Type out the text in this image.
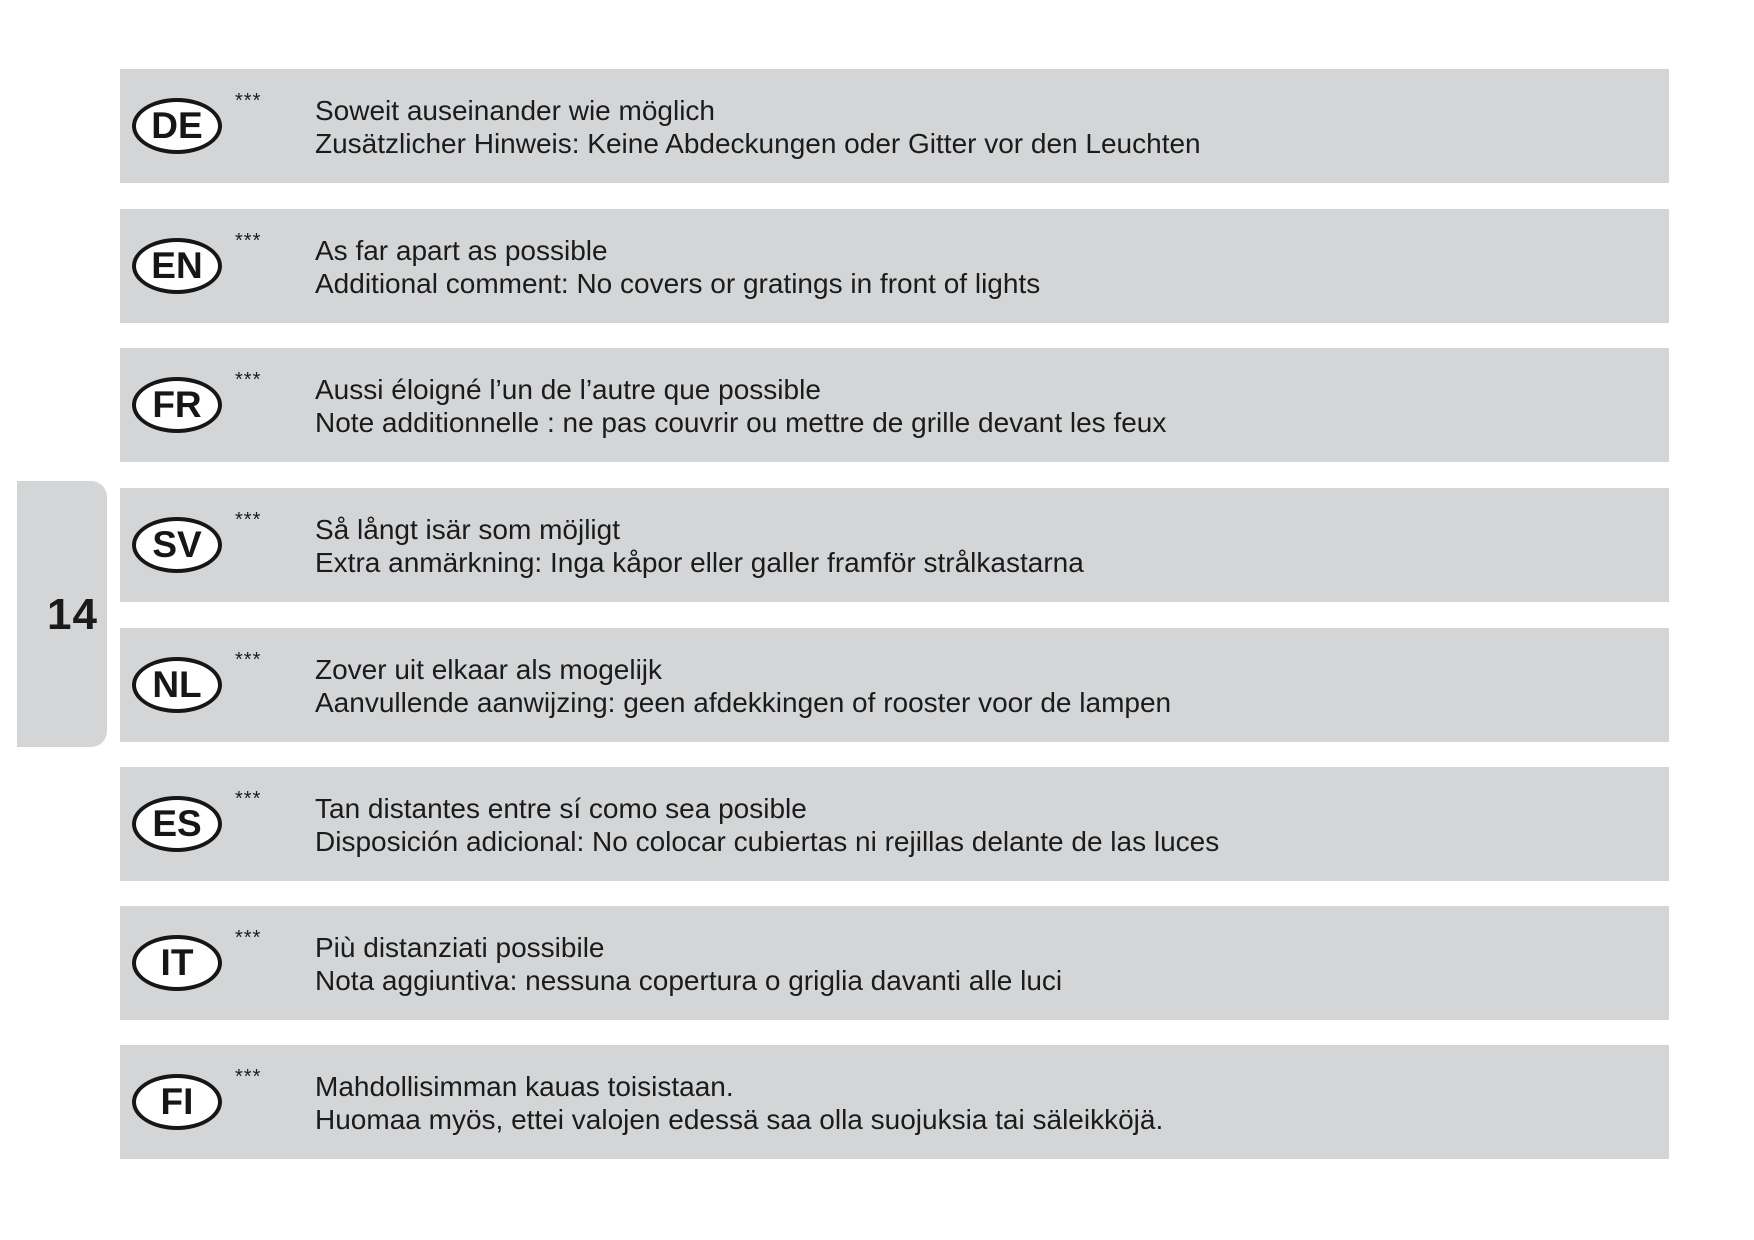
14
DE
*** Soweit auseinander wie möglich
Zusätzlicher Hinweis: Keine Abdeckungen oder Gitter vor den Leuchten
EN
*** As far apart as possible
Additional comment: No covers or gratings in front of lights
FR
*** Aussi éloigné l’un de l’autre que possible
Note additionnelle : ne pas couvrir ou mettre de grille devant les feux
SV
*** Så långt isär som möjligt
Extra anmärkning: Inga kåpor eller galler framför strålkastarna
NL
*** Zover uit elkaar als mogelijk
Aanvullende aanwijzing: geen afdekkingen of rooster voor de lampen
ES
*** Tan distantes entre sí como sea posible
Disposición adicional: No colocar cubiertas ni rejillas delante de las luces
IT
*** Più distanziati possibile
Nota aggiuntiva: nessuna copertura o griglia davanti alle luci
FI
*** Mahdollisimman kauas toisistaan.
Huomaa myös, ettei valojen edessä saa olla suojuksia tai säleikköjä.
